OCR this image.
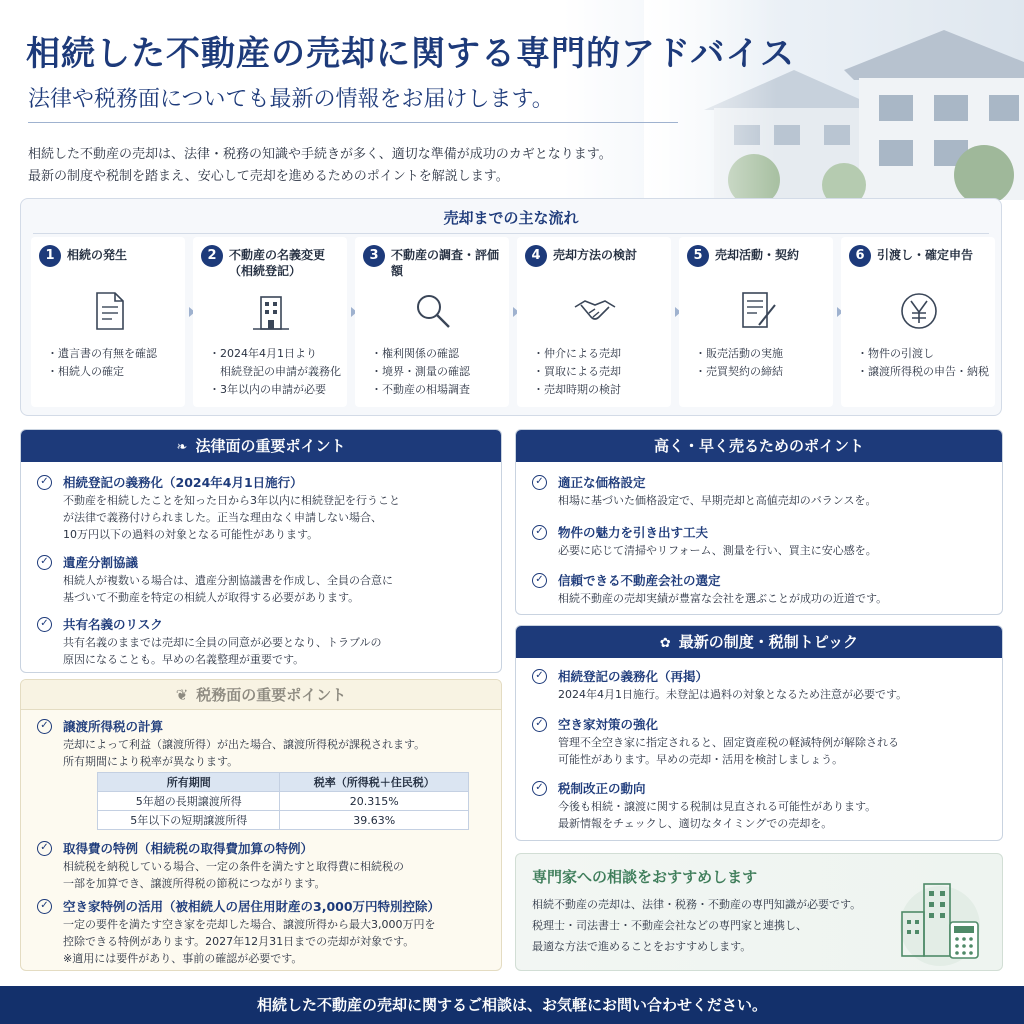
相続した不動産の売却に関する専門的アドバイス
法律や税務面についても最新の情報をお届けします。
相続した不動産の売却は、法律・税務の知識や手続きが多く、適切な準備が成功のカギとなります。
最新の制度や税制を踏まえ、安心して売却を進めるためのポイントを解説します。
売却までの主な流れ
1	相続の発生
・遺言書の有無を確認
・相続人の確定
2	不動産の名義変更（相続登記）
・2024年4月1日より
　相続登記の申請が義務化
・3年以内の申請が必要
3	不動産の調査・評価額
・権利関係の確認
・境界・測量の確認
・不動産の相場調査
4	売却方法の検討
・仲介による売却
・買取による売却
・売却時期の検討
5	売却活動・契約
・販売活動の実施
・売買契約の締結
6	引渡し・確定申告
・物件の引渡し
・譲渡所得税の申告・納税
❧ 法律面の重要ポイント
✓ 相続登記の義務化（2024年4月1日施行）
不動産を相続したことを知った日から3年以内に相続登記を行うこと
が法律で義務付けられました。正当な理由なく申請しない場合、
10万円以下の過料の対象となる可能性があります。
✓ 遺産分割協議
相続人が複数いる場合は、遺産分割協議書を作成し、全員の合意に
基づいて不動産を特定の相続人が取得する必要があります。
✓ 共有名義のリスク
共有名義のままでは売却に全員の同意が必要となり、トラブルの
原因になることも。早めの名義整理が重要です。
❦ 税務面の重要ポイント
✓ 譲渡所得税の計算
売却によって利益（譲渡所得）が出た場合、譲渡所得税が課税されます。
所有期間により税率が異なります。
所有期間	税率（所得税＋住民税）
5年超の長期譲渡所得	20.315%
5年以下の短期譲渡所得	39.63%
✓ 取得費の特例（相続税の取得費加算の特例）
相続税を納税している場合、一定の条件を満たすと取得費に相続税の
一部を加算でき、譲渡所得税の節税につながります。
✓ 空き家特例の活用（被相続人の居住用財産の3,000万円特別控除）
一定の要件を満たす空き家を売却した場合、譲渡所得から最大3,000万円を
控除できる特例があります。2027年12月31日までの売却が対象です。
※適用には要件があり、事前の確認が必要です。
高く・早く売るためのポイント
✓ 適正な価格設定
相場に基づいた価格設定で、早期売却と高値売却のバランスを。
✓ 物件の魅力を引き出す工夫
必要に応じて清掃やリフォーム、測量を行い、買主に安心感を。
✓ 信頼できる不動産会社の選定
相続不動産の売却実績が豊富な会社を選ぶことが成功の近道です。
✿ 最新の制度・税制トピック
✓ 相続登記の義務化（再掲）
2024年4月1日施行。未登記は過料の対象となるため注意が必要です。
✓ 空き家対策の強化
管理不全空き家に指定されると、固定資産税の軽減特例が解除される
可能性があります。早めの売却・活用を検討しましょう。
✓ 税制改正の動向
今後も相続・譲渡に関する税制は見直される可能性があります。
最新情報をチェックし、適切なタイミングでの売却を。
専門家への相談をおすすめします
相続不動産の売却は、法律・税務・不動産の専門知識が必要です。
税理士・司法書士・不動産会社などの専門家と連携し、
最適な方法で進めることをおすすめします。
相続した不動産の売却に関するご相談は、お気軽にお問い合わせください。
